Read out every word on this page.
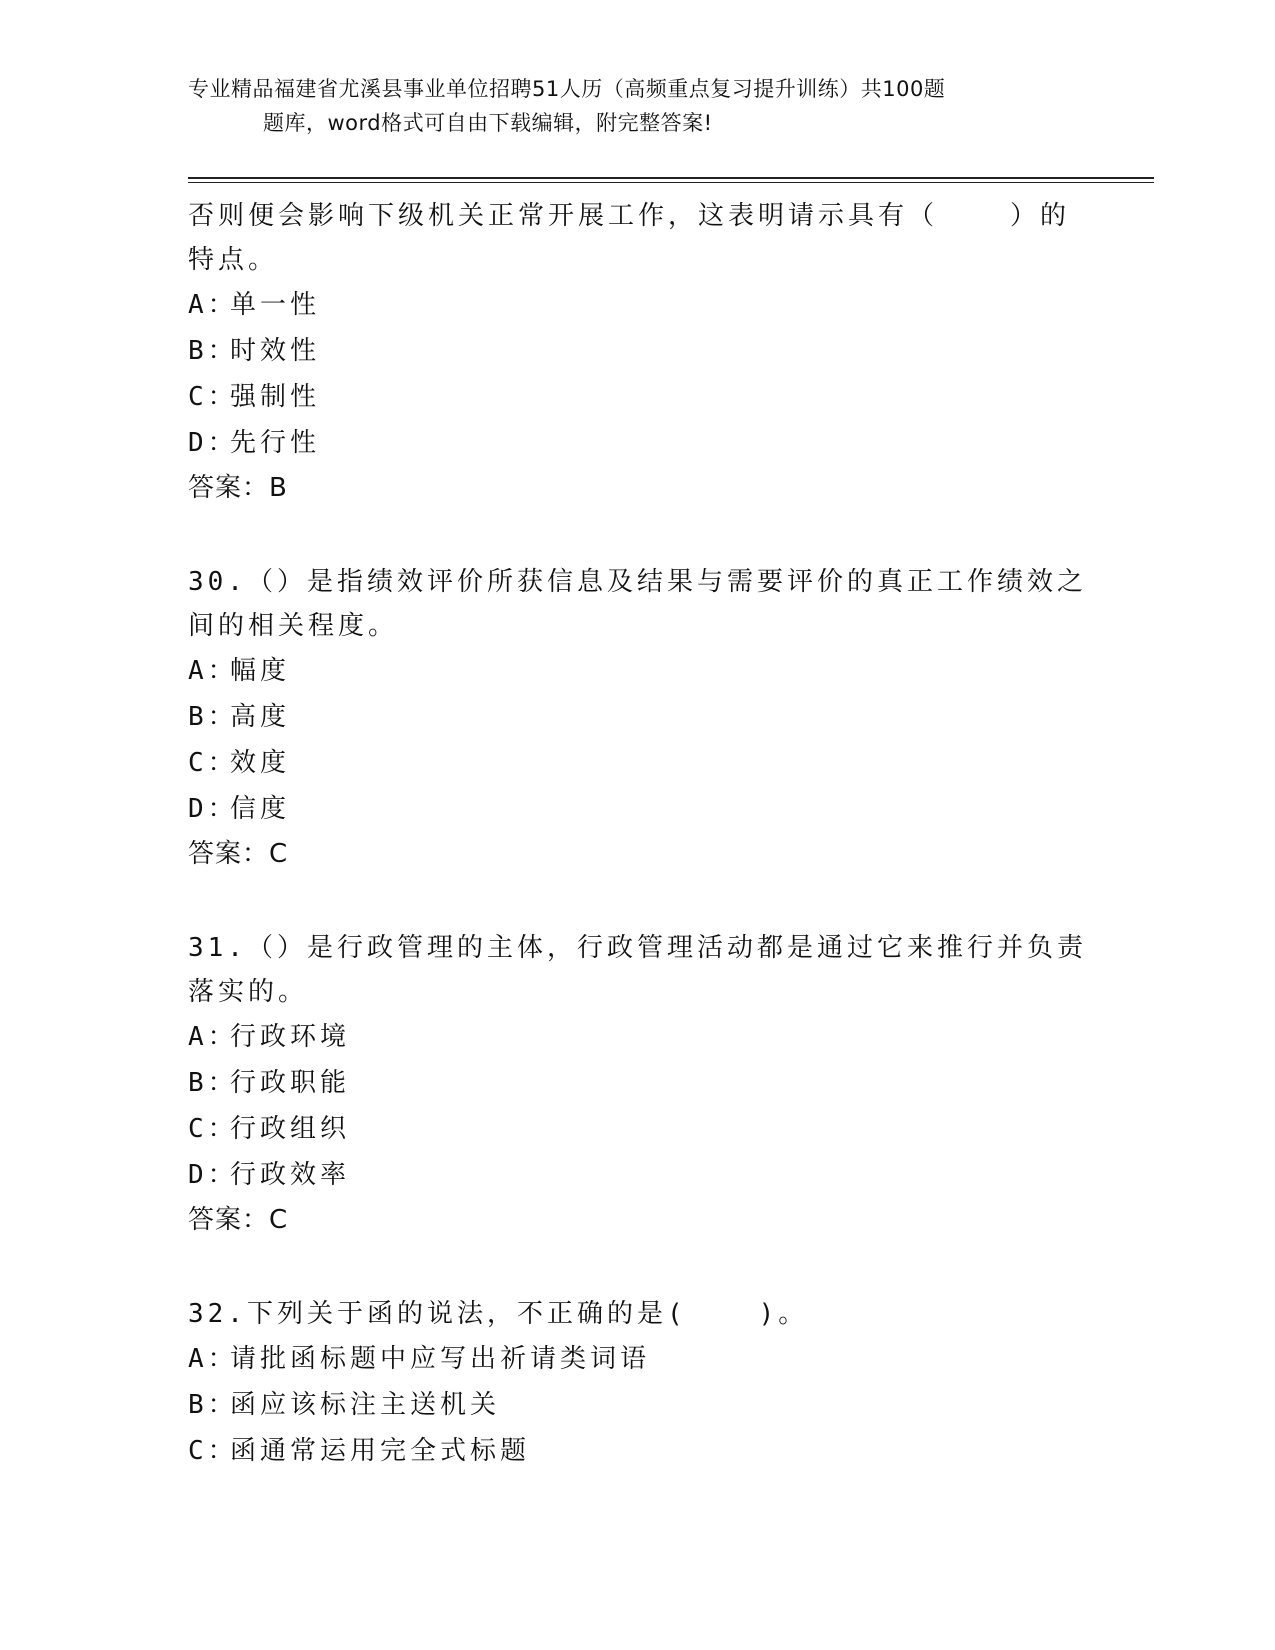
专业精品福建省尤溪县事业单位招聘51人历（高频重点复习提升训练）共100题
题库，word格式可自由下载编辑，附完整答案!

否则便会影响下级机关正常开展工作，这表明请示具有（	）的特点。

A：单一性

B：时效性

C：强制性

D：先行性

答案：B

30.（）是指绩效评价所获信息及结果与需要评价的真正工作绩效之间的相关程度。

A：幅度

B：高度

C：效度

D：信度

答案：C

31.（）是行政管理的主体，行政管理活动都是通过它来推行并负责落实的。

A：行政环境

B：行政职能

C：行政组织

D：行政效率

答案：C

32.下列关于函的说法，不正确的是(	)。

A：请批函标题中应写出祈请类词语

B：函应该标注主送机关

C：函通常运用完全式标题
